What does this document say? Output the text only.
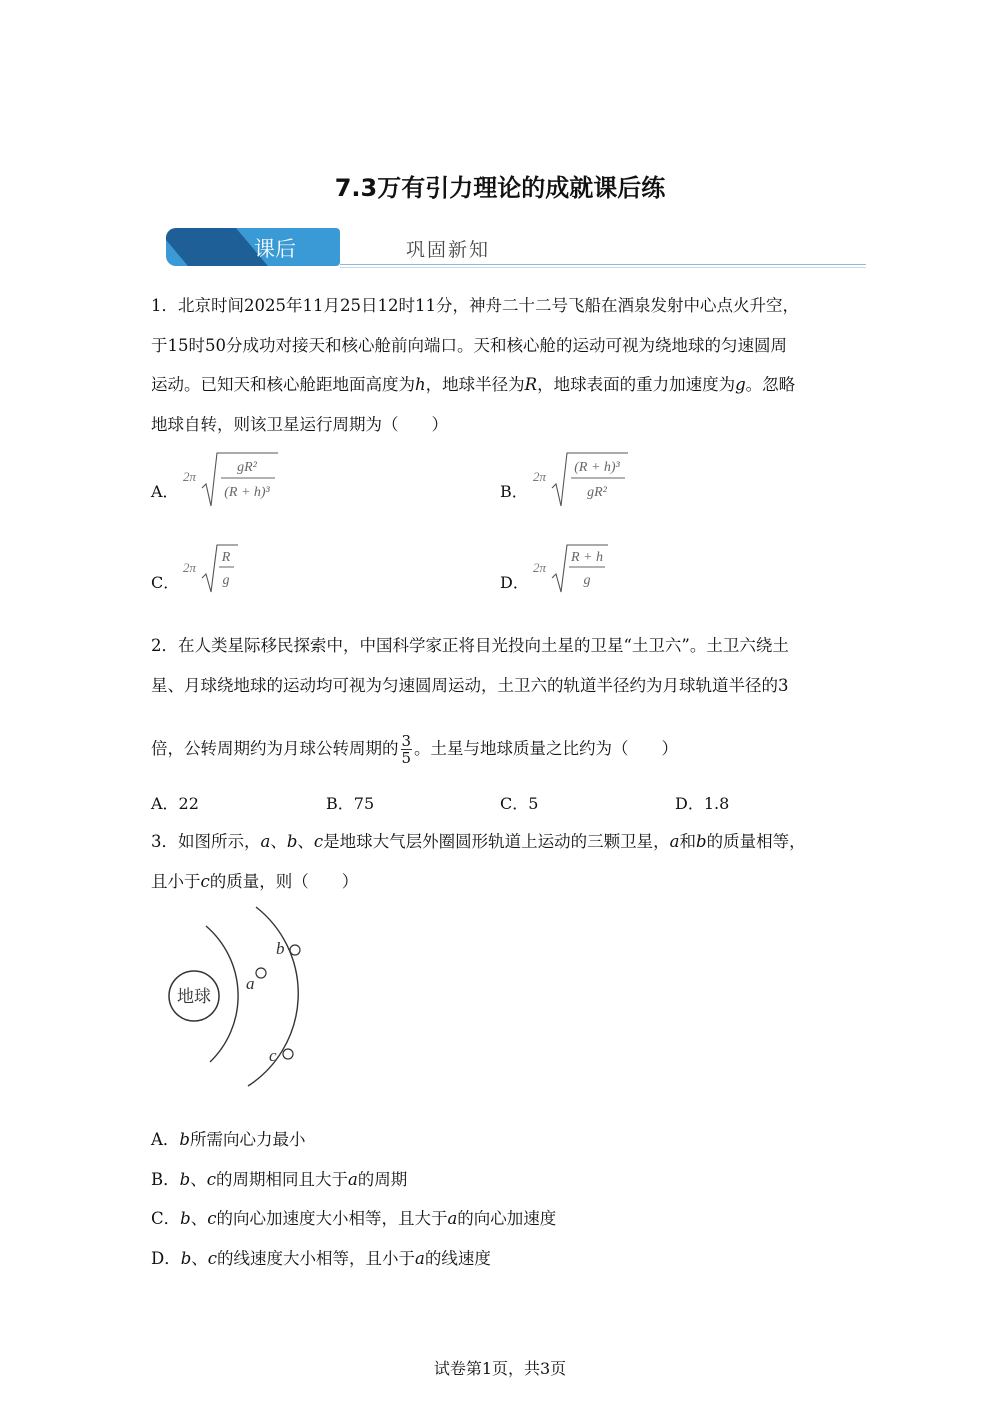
7.3万有引力理论的成就课后练
课后	巩固新知
1．北京时间2025年11月25日12时11分，神舟二十二号飞船在酒泉发射中心点火升空，
于15时50分成功对接天和核心舱前向端口。天和核心舱的运动可视为绕地球的匀速圆周
运动。已知天和核心舱距地面高度为h，地球半径为R，地球表面的重力加速度为g。忽略
地球自转，则该卫星运行周期为（　　）
A．
2π
gR²
(R + h)³	B．
2π
(R + h)³
gR²
C．
2π
R
g	D．
2π
R + h
g
2．在人类星际移民探索中，中国科学家正将目光投向土星的卫星“土卫六”。土卫六绕土
星、月球绕地球的运动均可视为匀速圆周运动，土卫六的轨道半径约为月球轨道半径的3
倍，公转周期约为月球公转周期的 $\frac{3}{5}$ 。土星与地球质量之比约为（　　）
A．22	B．75	C．5	D．1.8
3．如图所示，a、b、c是地球大气层外圈圆形轨道上运动的三颗卫星，a和b的质量相等，
且小于c的质量，则（　　）
地球
a
b
c
A．b所需向心力最小
B．b、c的周期相同且大于a的周期
C．b、c的向心加速度大小相等，且大于a的向心加速度
D．b、c的线速度大小相等，且小于a的线速度
试卷第1页，共3页
